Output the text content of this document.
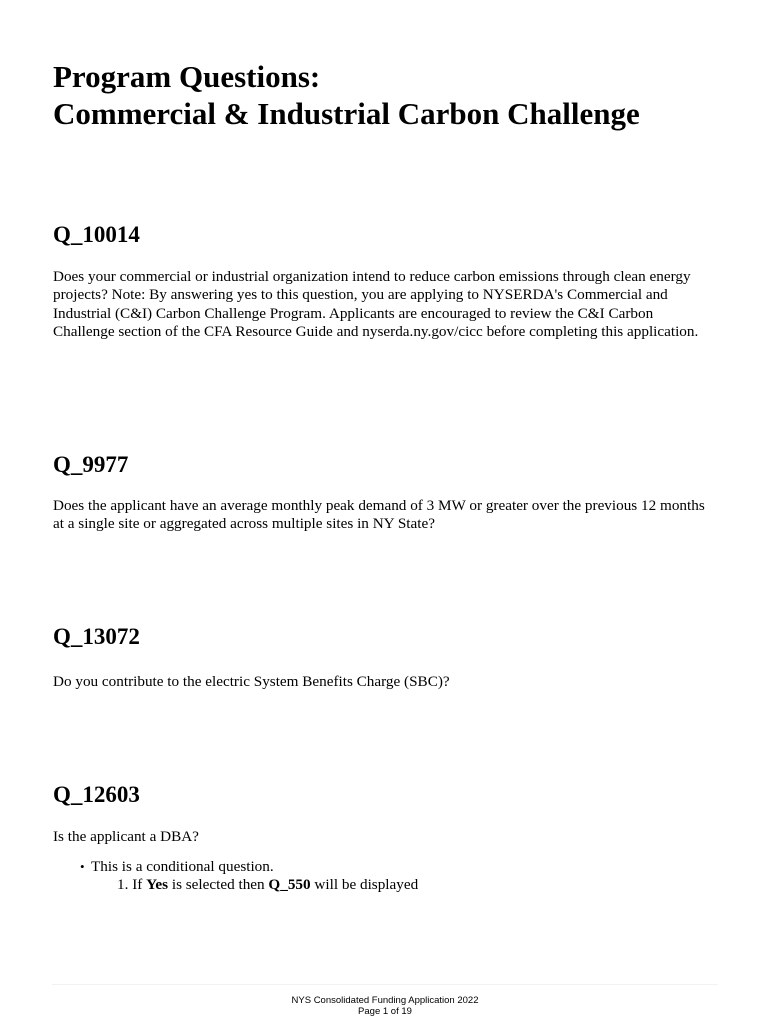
Program Questions:
Commercial & Industrial Carbon Challenge
Q_10014

Does your commercial or industrial organization intend to reduce carbon emissions through clean energy projects? Note: By answering yes to this question, you are applying to NYSERDA's Commercial and Industrial (C&I) Carbon Challenge Program. Applicants are encouraged to review the C&I Carbon Challenge section of the CFA Resource Guide and nyserda.ny.gov/cicc before completing this application.

Q_9977

Does the applicant have an average monthly peak demand of 3 MW or greater over the previous 12 months at a single site or aggregated across multiple sites in NY State?

Q_13072

Do you contribute to the electric System Benefits Charge (SBC)?

Q_12603

Is the applicant a DBA?

• This is a conditional question.
1. If Yes is selected then Q_550 will be displayed
NYS Consolidated Funding Application 2022
Page 1 of 19
